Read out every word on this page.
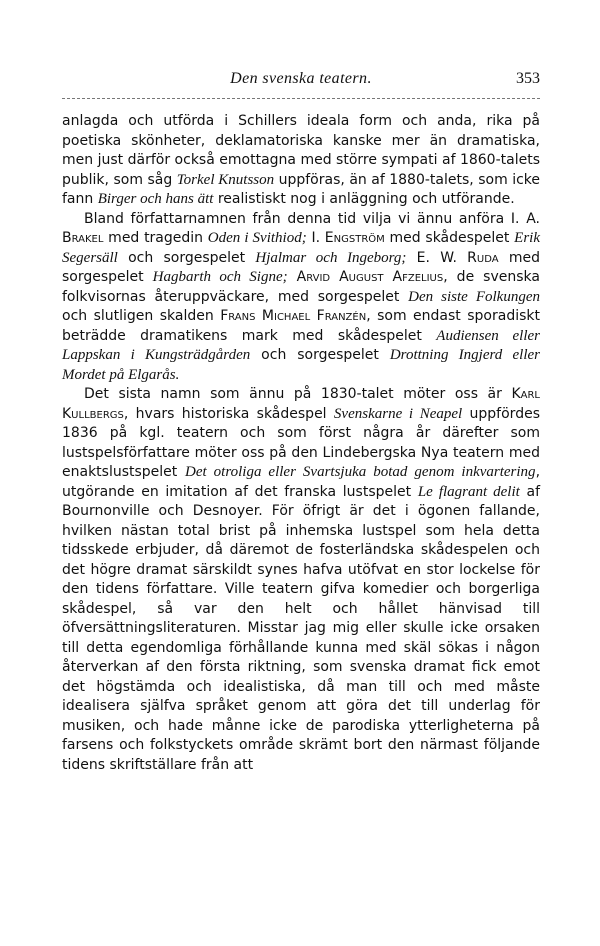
Den svenska teatern.	353

anlagda och utförda i Schillers ideala form och anda, rika på poetiska skönheter, deklamatoriska kanske mer än dramatiska, men just därför också emottagna med större sympati af 1860-talets publik, som såg Torkel Knutsson uppföras, än af 1880-talets, som icke fann Birger och hans ätt realistiskt nog i anläggning och utförande.

Bland författarnamnen från denna tid vilja vi ännu anföra I. A. Brakel med tragedin Oden i Svithiod; I. Engström med skådespelet Erik Segersäll och sorgespelet Hjalmar och Ingeborg; E. W. Ruda med sorgespelet Hagbarth och Signe; Arvid August Afzelius, de svenska folkvisornas återuppväckare, med sorgespelet Den siste Folkungen och slutligen skalden Frans Michael Franzén, som endast sporadiskt beträdde dramatikens mark med skådespelet Audiensen eller Lappskan i Kungsträdgården och sorgespelet Drottning Ingjerd eller Mordet på Elgarås.

Det sista namn som ännu på 1830-talet möter oss är Karl Kullbergs, hvars historiska skådespel Svenskarne i Neapel uppfördes 1836 på kgl. teatern och som först några år därefter som lustspelsförfattare möter oss på den Lindebergska Nya teatern med enaktslustspelet Det otroliga eller Svartsjuka botad genom inkvartering, utgörande en imitation af det franska lustspelet Le flagrant delit af Bournonville och Desnoyer. För öfrigt är det i ögonen fallande, hvilken nästan total brist på inhemska lustspel som hela detta tidsskede erbjuder, då däremot de fosterländska skådespelen och det högre dramat särskildt synes hafva utöfvat en stor lockelse för den tidens författare. Ville teatern gifva komedier och borgerliga skådespel, så var den helt och hållet hänvisad till öfversättningsliteraturen. Misstar jag mig eller skulle icke orsaken till detta egendomliga förhållande kunna med skäl sökas i någon återverkan af den första riktning, som svenska dramat fick emot det högstämda och idealistiska, då man till och med måste idealisera själfva språket genom att göra det till underlag för musiken, och hade månne icke de parodiska ytterligheterna på farsens och folkstyckets område skrämt bort den närmast följande tidens skriftställare från att
